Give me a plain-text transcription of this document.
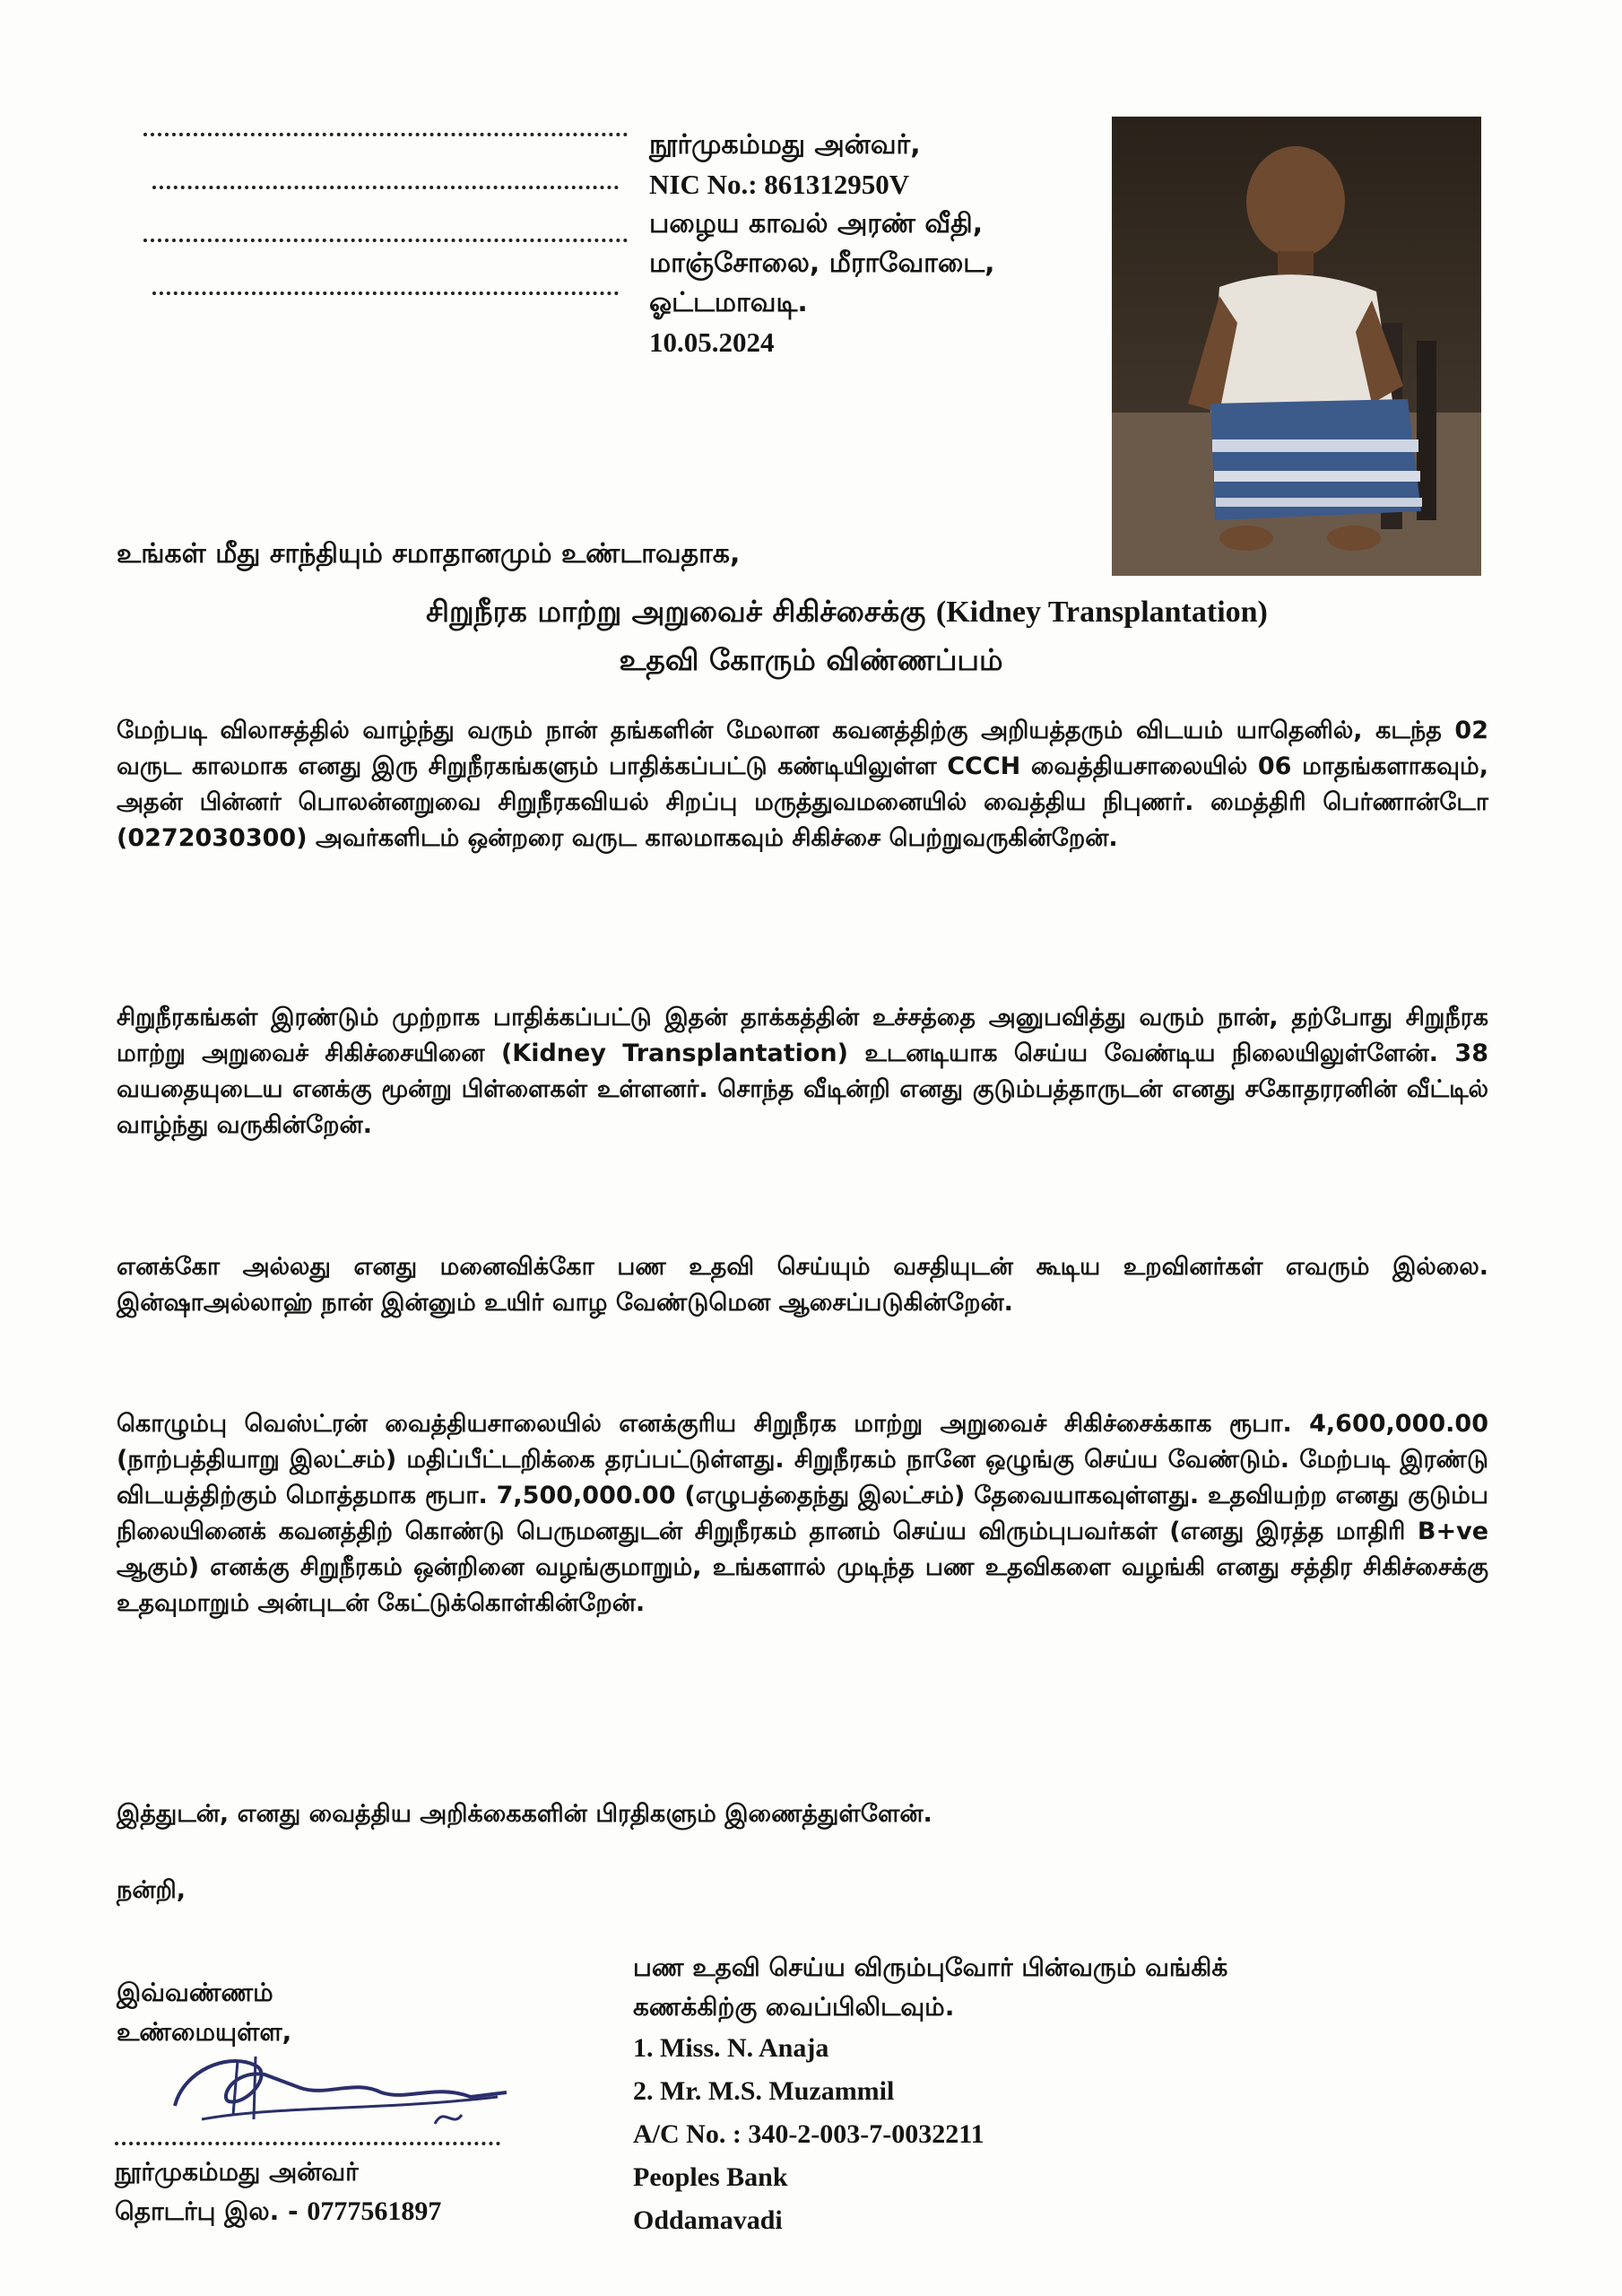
நூர்முகம்மது அன்வர்,
NIC No.: 861312950V
பழைய காவல் அரண் வீதி,
மாஞ்சோலை, மீராவோடை,
ஓட்டமாவடி.
10.05.2024
உங்கள் மீது சாந்தியும் சமாதானமும் உண்டாவதாக,
சிறுநீரக மாற்று அறுவைச் சிகிச்சைக்கு (Kidney Transplantation)
உதவி கோரும் விண்ணப்பம்
மேற்படி விலாசத்தில் வாழ்ந்து வரும் நான் தங்களின் மேலான கவனத்திற்கு அறியத்தரும் விடயம் யாதெனில், கடந்த 02 வருட காலமாக எனது இரு சிறுநீரகங்களும் பாதிக்கப்பட்டு கண்டியிலுள்ள CCCH வைத்தியசாலையில் 06 மாதங்களாகவும், அதன் பின்னர் பொலன்னறுவை சிறுநீரகவியல் சிறப்பு மருத்துவமனையில் வைத்திய நிபுணர். மைத்திரி பெர்ணான்டோ (0272030300) அவர்களிடம் ஒன்றரை வருட காலமாகவும் சிகிச்சை பெற்றுவருகின்றேன்.
சிறுநீரகங்கள் இரண்டும் முற்றாக பாதிக்கப்பட்டு இதன் தாக்கத்தின் உச்சத்தை அனுபவித்து வரும் நான், தற்போது சிறுநீரக மாற்று அறுவைச் சிகிச்சையினை (Kidney Transplantation) உடனடியாக செய்ய வேண்டிய நிலையிலுள்ளேன். 38 வயதையுடைய எனக்கு மூன்று பிள்ளைகள் உள்ளனர். சொந்த வீடின்றி எனது குடும்பத்தாருடன் எனது சகோதரரனின் வீட்டில் வாழ்ந்து வருகின்றேன்.
எனக்கோ அல்லது எனது மனைவிக்கோ பண உதவி செய்யும் வசதியுடன் கூடிய உறவினர்கள் எவரும் இல்லை. இன்ஷாஅல்லாஹ் நான் இன்னும் உயிர் வாழ வேண்டுமென ஆசைப்படுகின்றேன்.
கொழும்பு வெஸ்ட்ரன் வைத்தியசாலையில் எனக்குரிய சிறுநீரக மாற்று அறுவைச் சிகிச்சைக்காக ரூபா. 4,600,000.00 (நாற்பத்தியாறு இலட்சம்) மதிப்பீட்டறிக்கை தரப்பட்டுள்ளது. சிறுநீரகம் நானே ஒழுங்கு செய்ய வேண்டும். மேற்படி இரண்டு விடயத்திற்கும் மொத்தமாக ரூபா. 7,500,000.00 (எழுபத்தைந்து இலட்சம்) தேவையாகவுள்ளது. உதவியற்ற எனது குடும்ப நிலையினைக் கவனத்திற் கொண்டு பெருமனதுடன் சிறுநீரகம் தானம் செய்ய விரும்புபவர்கள் (எனது இரத்த மாதிரி B+ve ஆகும்) எனக்கு சிறுநீரகம் ஒன்றினை வழங்குமாறும், உங்களால் முடிந்த பண உதவிகளை வழங்கி எனது சத்திர சிகிச்சைக்கு உதவுமாறும் அன்புடன் கேட்டுக்கொள்கின்றேன்.
இத்துடன், எனது வைத்திய அறிக்கைகளின் பிரதிகளும் இணைத்துள்ளேன்.
நன்றி,
இவ்வண்ணம்
உண்மையுள்ள,
நூர்முகம்மது அன்வர்
தொடர்பு இல. - 0777561897
பண உதவி செய்ய விரும்புவோர் பின்வரும் வங்கிக்
கணக்கிற்கு வைப்பிலிடவும்.
1. Miss. N. Anaja
2. Mr. M.S. Muzammil
A/C No. : 340-2-003-7-0032211
Peoples Bank
Oddamavadi
